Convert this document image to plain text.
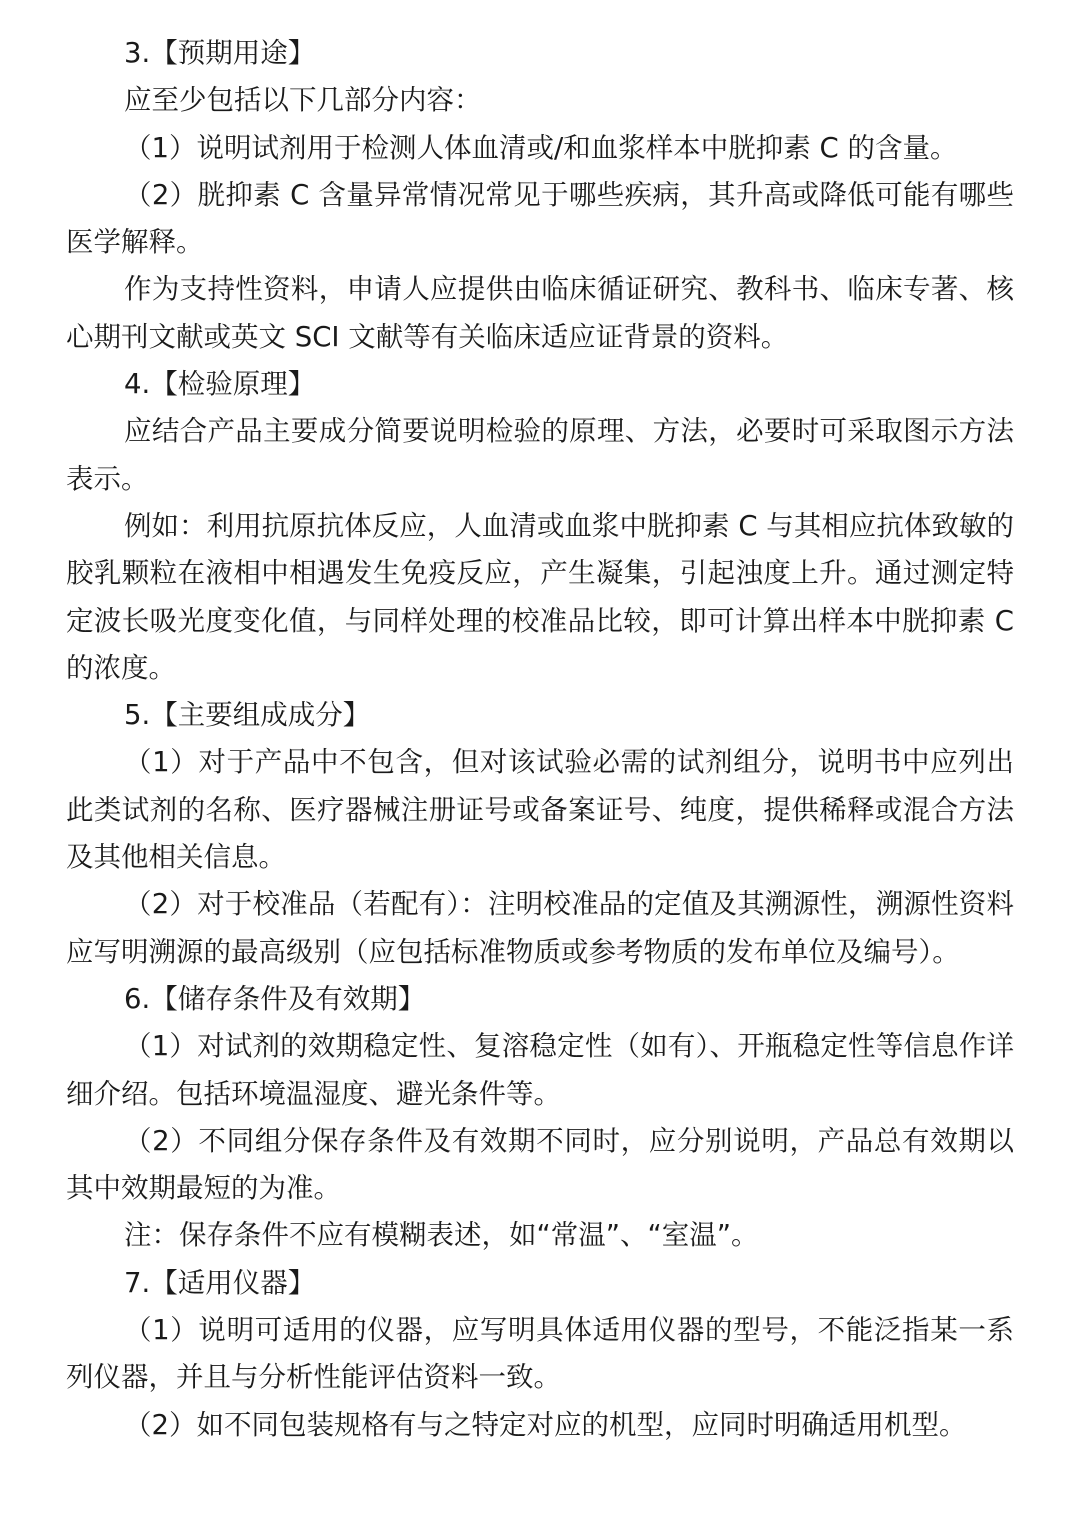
3.【预期用途】

应至少包括以下几部分内容：

（1）说明试剂用于检测人体血清或/和血浆样本中胱抑素 C 的含量。

（2）胱抑素 C 含量异常情况常见于哪些疾病，其升高或降低可能有哪些医学解释。

作为支持性资料，申请人应提供由临床循证研究、教科书、临床专著、核心期刊文献或英文 SCI 文献等有关临床适应证背景的资料。

4.【检验原理】

应结合产品主要成分简要说明检验的原理、方法，必要时可采取图示方法表示。

例如：利用抗原抗体反应，人血清或血浆中胱抑素 C 与其相应抗体致敏的胶乳颗粒在液相中相遇发生免疫反应，产生凝集，引起浊度上升。通过测定特定波长吸光度变化值，与同样处理的校准品比较，即可计算出样本中胱抑素 C 的浓度。

5.【主要组成成分】

（1）对于产品中不包含，但对该试验必需的试剂组分，说明书中应列出此类试剂的名称、医疗器械注册证号或备案证号、纯度，提供稀释或混合方法及其他相关信息。

（2）对于校准品（若配有）：注明校准品的定值及其溯源性，溯源性资料应写明溯源的最高级别（应包括标准物质或参考物质的发布单位及编号）。

6.【储存条件及有效期】

（1）对试剂的效期稳定性、复溶稳定性（如有）、开瓶稳定性等信息作详细介绍。包括环境温湿度、避光条件等。

（2）不同组分保存条件及有效期不同时，应分别说明，产品总有效期以其中效期最短的为准。

注：保存条件不应有模糊表述，如“常温”、“室温”。

7.【适用仪器】

（1）说明可适用的仪器，应写明具体适用仪器的型号，不能泛指某一系列仪器，并且与分析性能评估资料一致。

（2）如不同包装规格有与之特定对应的机型，应同时明确适用机型。
